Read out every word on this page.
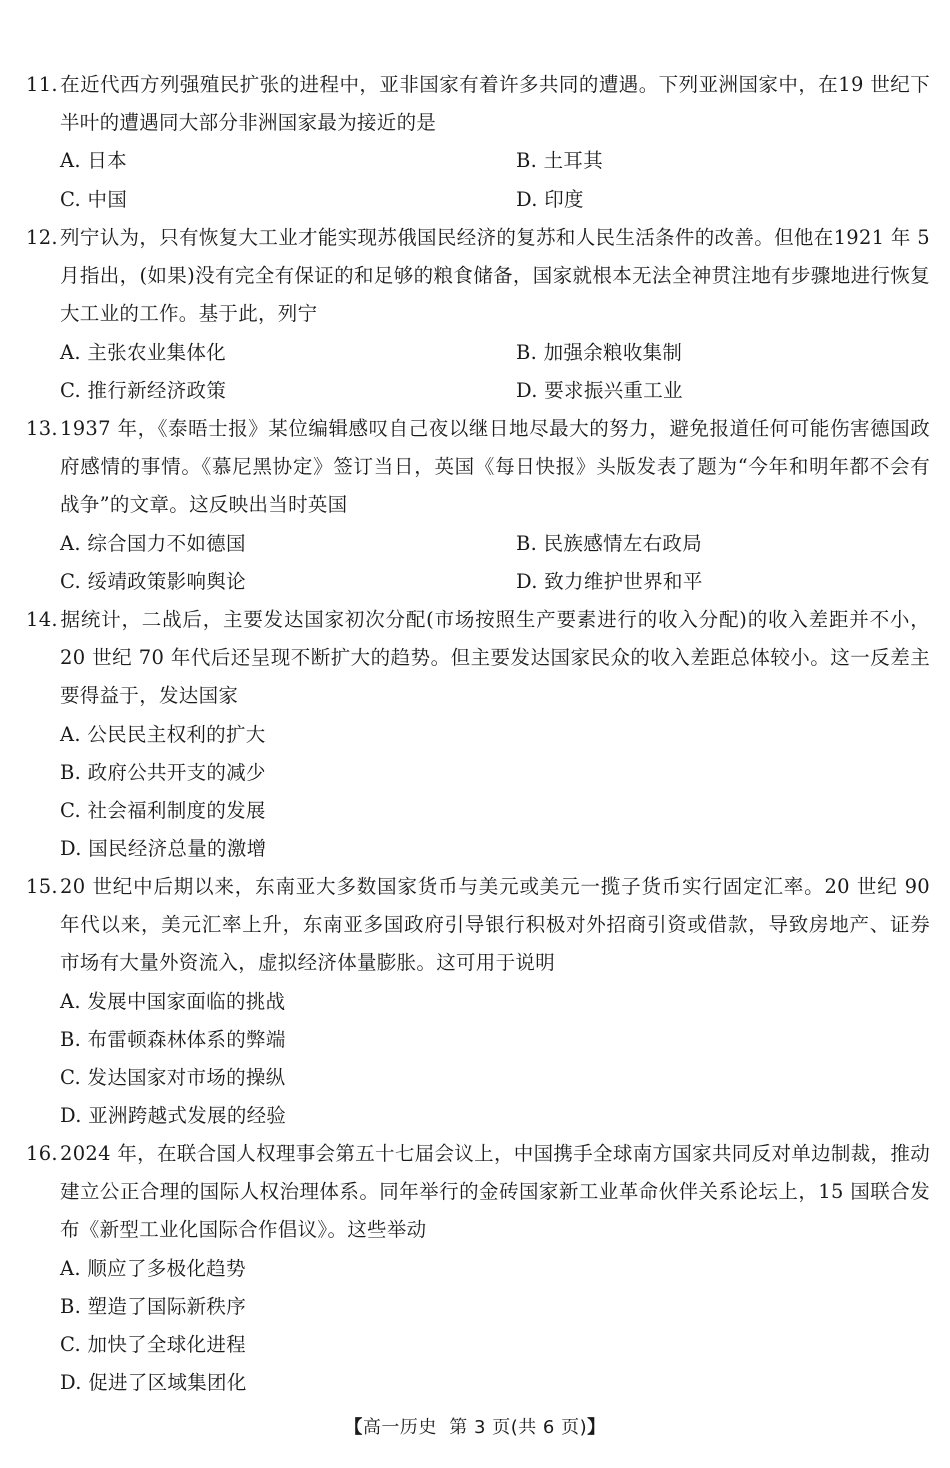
11. 在近代西方列强殖民扩张的进程中，亚非国家有着许多共同的遭遇。下列亚洲国家中，在19 世纪下半叶的遭遇同大部分非洲国家最为接近的是

A. 日本	B. 土耳其
C. 中国	D. 印度

12. 列宁认为，只有恢复大工业才能实现苏俄国民经济的复苏和人民生活条件的改善。但他在1921 年 5 月指出，(如果)没有完全有保证的和足够的粮食储备，国家就根本无法全神贯注地有步骤地进行恢复大工业的工作。基于此，列宁

A. 主张农业集体化	B. 加强余粮收集制
C. 推行新经济政策	D. 要求振兴重工业

13. 1937 年，《泰晤士报》某位编辑感叹自己夜以继日地尽最大的努力，避免报道任何可能伤害德国政府感情的事情。《慕尼黑协定》签订当日，英国《每日快报》头版发表了题为“今年和明年都不会有战争”的文章。这反映出当时英国

A. 综合国力不如德国	B. 民族感情左右政局
C. 绥靖政策影响舆论	D. 致力维护世界和平

14. 据统计，二战后，主要发达国家初次分配(市场按照生产要素进行的收入分配)的收入差距并不小，20 世纪 70 年代后还呈现不断扩大的趋势。但主要发达国家民众的收入差距总体较小。这一反差主要得益于，发达国家

A. 公民民主权利的扩大
B. 政府公共开支的减少
C. 社会福利制度的发展
D. 国民经济总量的激增

15. 20 世纪中后期以来，东南亚大多数国家货币与美元或美元一揽子货币实行固定汇率。20 世纪 90 年代以来，美元汇率上升，东南亚多国政府引导银行积极对外招商引资或借款，导致房地产、证券市场有大量外资流入，虚拟经济体量膨胀。这可用于说明

A. 发展中国家面临的挑战
B. 布雷顿森林体系的弊端
C. 发达国家对市场的操纵
D. 亚洲跨越式发展的经验

16. 2024 年，在联合国人权理事会第五十七届会议上，中国携手全球南方国家共同反对单边制裁，推动建立公正合理的国际人权治理体系。同年举行的金砖国家新工业革命伙伴关系论坛上，15 国联合发布《新型工业化国际合作倡议》。这些举动

A. 顺应了多极化趋势
B. 塑造了国际新秩序
C. 加快了全球化进程
D. 促进了区域集团化
【高一历史 第 3 页(共 6 页)】
